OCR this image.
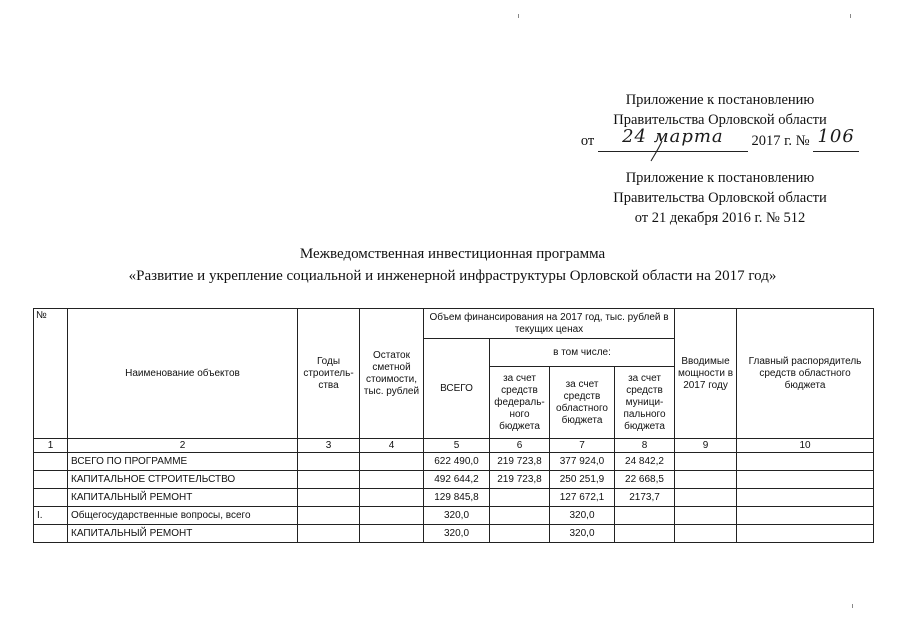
Приложение к постановлению
Правительства Орловской области
от 24 марта 2017 г. № 106
Приложение к постановлению
Правительства Орловской области
от 21 декабря 2016 г. № 512
Межведомственная инвестиционная программа
«Развитие и укрепление социальной и инженерной инфраструктуры Орловской области на 2017 год»
№	Наименование объектов	Годы строитель-ства	Остаток сметной стоимости, тыс. рублей	Объем финансирования на 2017 год, тыс. рублей в текущих ценах				Вводимые мощности в 2017 году	Главный распорядитель средств областного бюджета
				ВСЕГО	в том числе:				
					за счет средств федераль-ного бюджета	за счет средств областного бюджета	за счет средств муници-пального бюджета		
1	2	3	4	5	6	7	8	9	10
	ВСЕГО ПО ПРОГРАММЕ			622 490,0	219 723,8	377 924,0	24 842,2		
	КАПИТАЛЬНОЕ СТРОИТЕЛЬСТВО			492 644,2	219 723,8	250 251,9	22 668,5		
	КАПИТАЛЬНЫЙ РЕМОНТ			129 845,8		127 672,1	2173,7		
I.	Общегосударственные вопросы, всего			320,0		320,0			
	КАПИТАЛЬНЫЙ РЕМОНТ			320,0		320,0			
